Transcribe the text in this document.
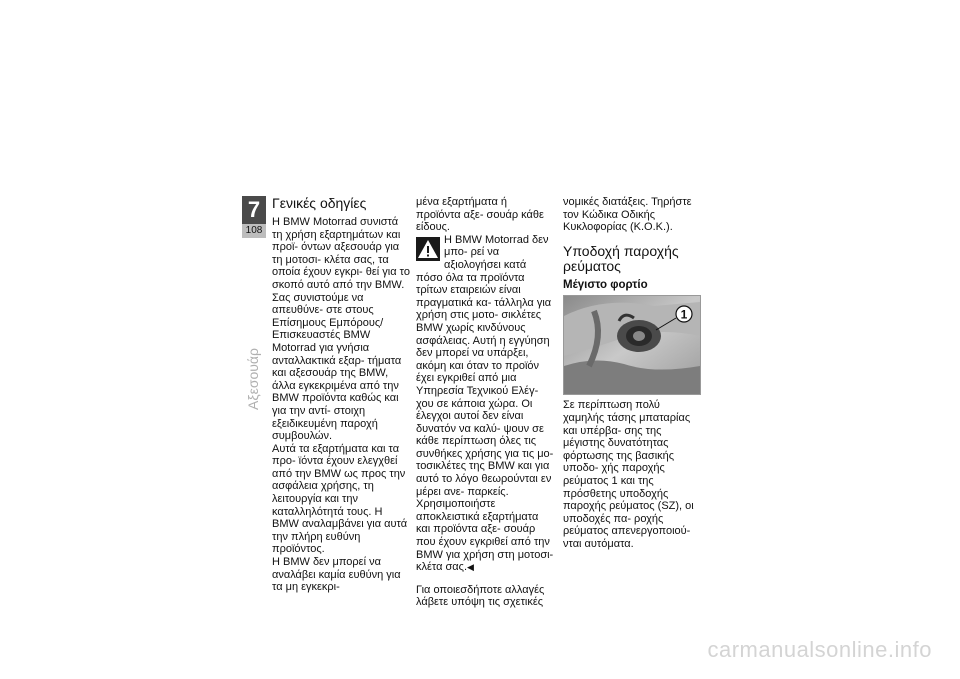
7
108
Αξεσουάρ
Γενικές οδηγίες

Η BMW Motorrad συνιστά τη χρήση εξαρτημάτων και προϊ- όντων αξεσουάρ για τη μοτοσι- κλέτα σας, τα οποία έχουν εγκρι- θεί για το σκοπό αυτό από την BMW.

Σας συνιστούμε να απευθύνε- στε στους Επίσημους Εμπόρους/ Επισκευαστές BMW Motorrad για γνήσια ανταλλακτικά εξαρ- τήματα και αξεσουάρ της BMW, άλλα εγκεκριμένα από την BMW προϊόντα καθώς και για την αντί- στοιχη εξειδικευμένη παροχή συμβουλών.

Αυτά τα εξαρτήματα και τα προ- ϊόντα έχουν ελεγχθεί από την BMW ως προς την ασφάλεια χρήσης, τη λειτουργία και την καταλληλότητά τους. Η BMW αναλαμβάνει για αυτά την πλήρη ευθύνη προϊόντος.

Η BMW δεν μπορεί να αναλάβει καμία ευθύνη για τα μη εγκεκρι-

μένα εξαρτήματα ή προϊόντα αξε- σουάρ κάθε είδους.

Η BMW Motorrad δεν μπο- ρεί να αξιολογήσει κατά πόσο όλα τα προϊόντα τρίτων εταιρειών είναι πραγματικά κα- τάλληλα για χρήση στις μοτο- σικλέτες BMW χωρίς κινδύνους ασφάλειας. Αυτή η εγγύηση δεν μπορεί να υπάρξει, ακόμη και όταν το προϊόν έχει εγκριθεί από μια Υπηρεσία Τεχνικού Ελέγ- χου σε κάποια χώρα. Οι έλεγχοι αυτοί δεν είναι δυνατόν να καλύ- ψουν σε κάθε περίπτωση όλες τις συνθήκες χρήσης για τις μο- τοσικλέτες της BMW και για αυτό το λόγο θεωρούνται εν μέρει ανε- παρκείς.

Χρησιμοποιήστε αποκλειστικά εξαρτήματα και προϊόντα αξε- σουάρ που έχουν εγκριθεί από την BMW για χρήση στη μοτοσι- κλέτα σας.◀

Για οποιεσδήποτε αλλαγές λάβετε υπόψη τις σχετικές

νομικές διατάξεις. Τηρήστε τον Κώδικα Οδικής Κυκλοφορίας (Κ.Ο.Κ.).

Υποδοχή παροχής ρεύματος
Μέγιστο φορτίο
1

Σε περίπτωση πολύ χαμηλής τάσης μπαταρίας και υπέρβα- σης της μέγιστης δυνατότητας φόρτωσης της βασικής υποδο- χής παροχής ρεύματος 1 και της πρόσθετης υποδοχής παροχής ρεύματος (SZ), οι υποδοχές πα- ροχής ρεύματος απενεργοποιού- νται αυτόματα.

carmanualsonline.info
